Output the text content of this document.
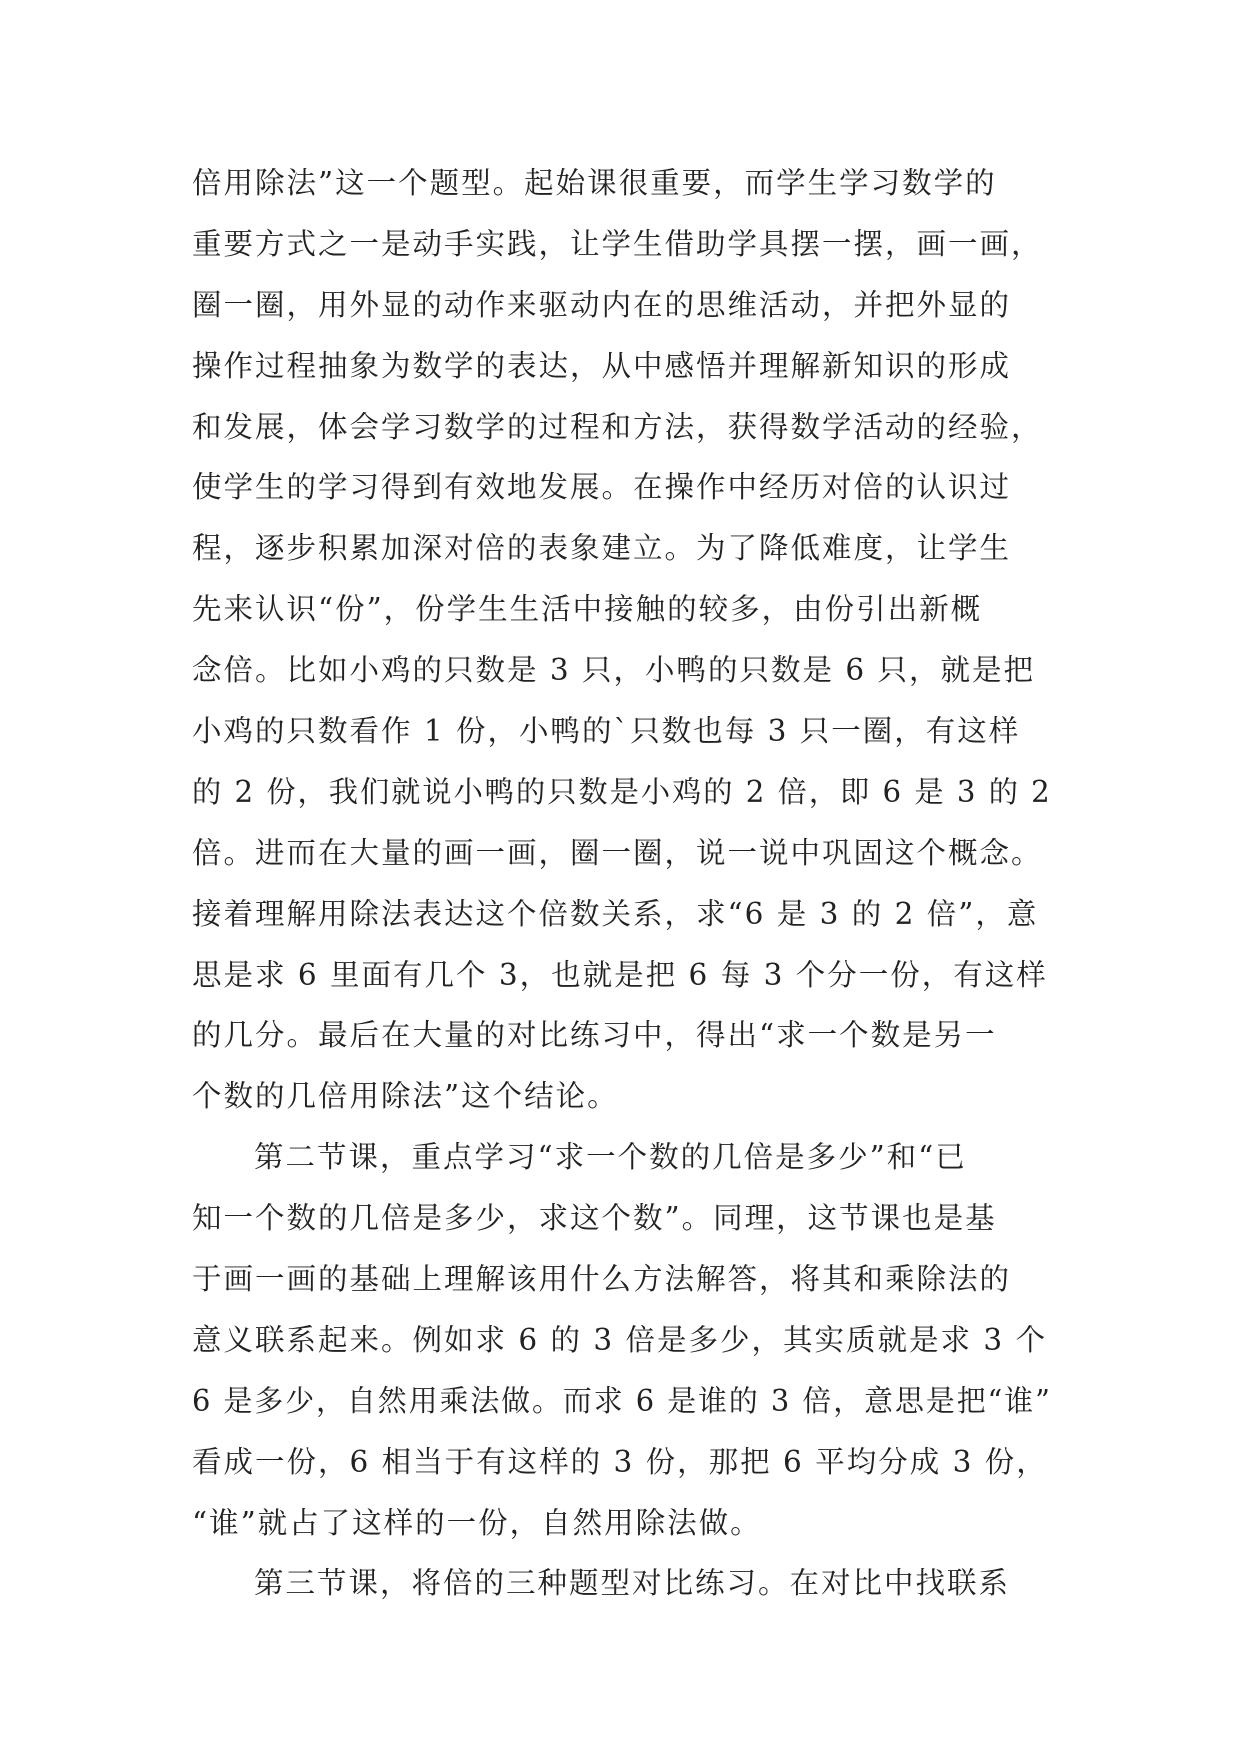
倍用除法”这一个题型。起始课很重要，而学生学习数学的
重要方式之一是动手实践，让学生借助学具摆一摆，画一画，
圈一圈，用外显的动作来驱动内在的思维活动，并把外显的
操作过程抽象为数学的表达，从中感悟并理解新知识的形成
和发展，体会学习数学的过程和方法，获得数学活动的经验，
使学生的学习得到有效地发展。在操作中经历对倍的认识过
程，逐步积累加深对倍的表象建立。为了降低难度，让学生
先来认识“份”，份学生生活中接触的较多，由份引出新概
念倍。比如小鸡的只数是 3 只，小鸭的只数是 6 只，就是把
小鸡的只数看作 1 份，小鸭的`只数也每 3 只一圈，有这样
的 2 份，我们就说小鸭的只数是小鸡的 2 倍，即 6 是 3 的 2
倍。进而在大量的画一画，圈一圈，说一说中巩固这个概念。
接着理解用除法表达这个倍数关系，求“6 是 3 的 2 倍”，意
思是求 6 里面有几个 3，也就是把 6 每 3 个分一份，有这样
的几分。最后在大量的对比练习中，得出“求一个数是另一
个数的几倍用除法”这个结论。
第二节课，重点学习“求一个数的几倍是多少”和“已
知一个数的几倍是多少，求这个数”。同理，这节课也是基
于画一画的基础上理解该用什么方法解答，将其和乘除法的
意义联系起来。例如求 6 的 3 倍是多少，其实质就是求 3 个
6 是多少，自然用乘法做。而求 6 是谁的 3 倍，意思是把“谁”
看成一份，6 相当于有这样的 3 份，那把 6 平均分成 3 份，
“谁”就占了这样的一份，自然用除法做。
第三节课，将倍的三种题型对比练习。在对比中找联系
